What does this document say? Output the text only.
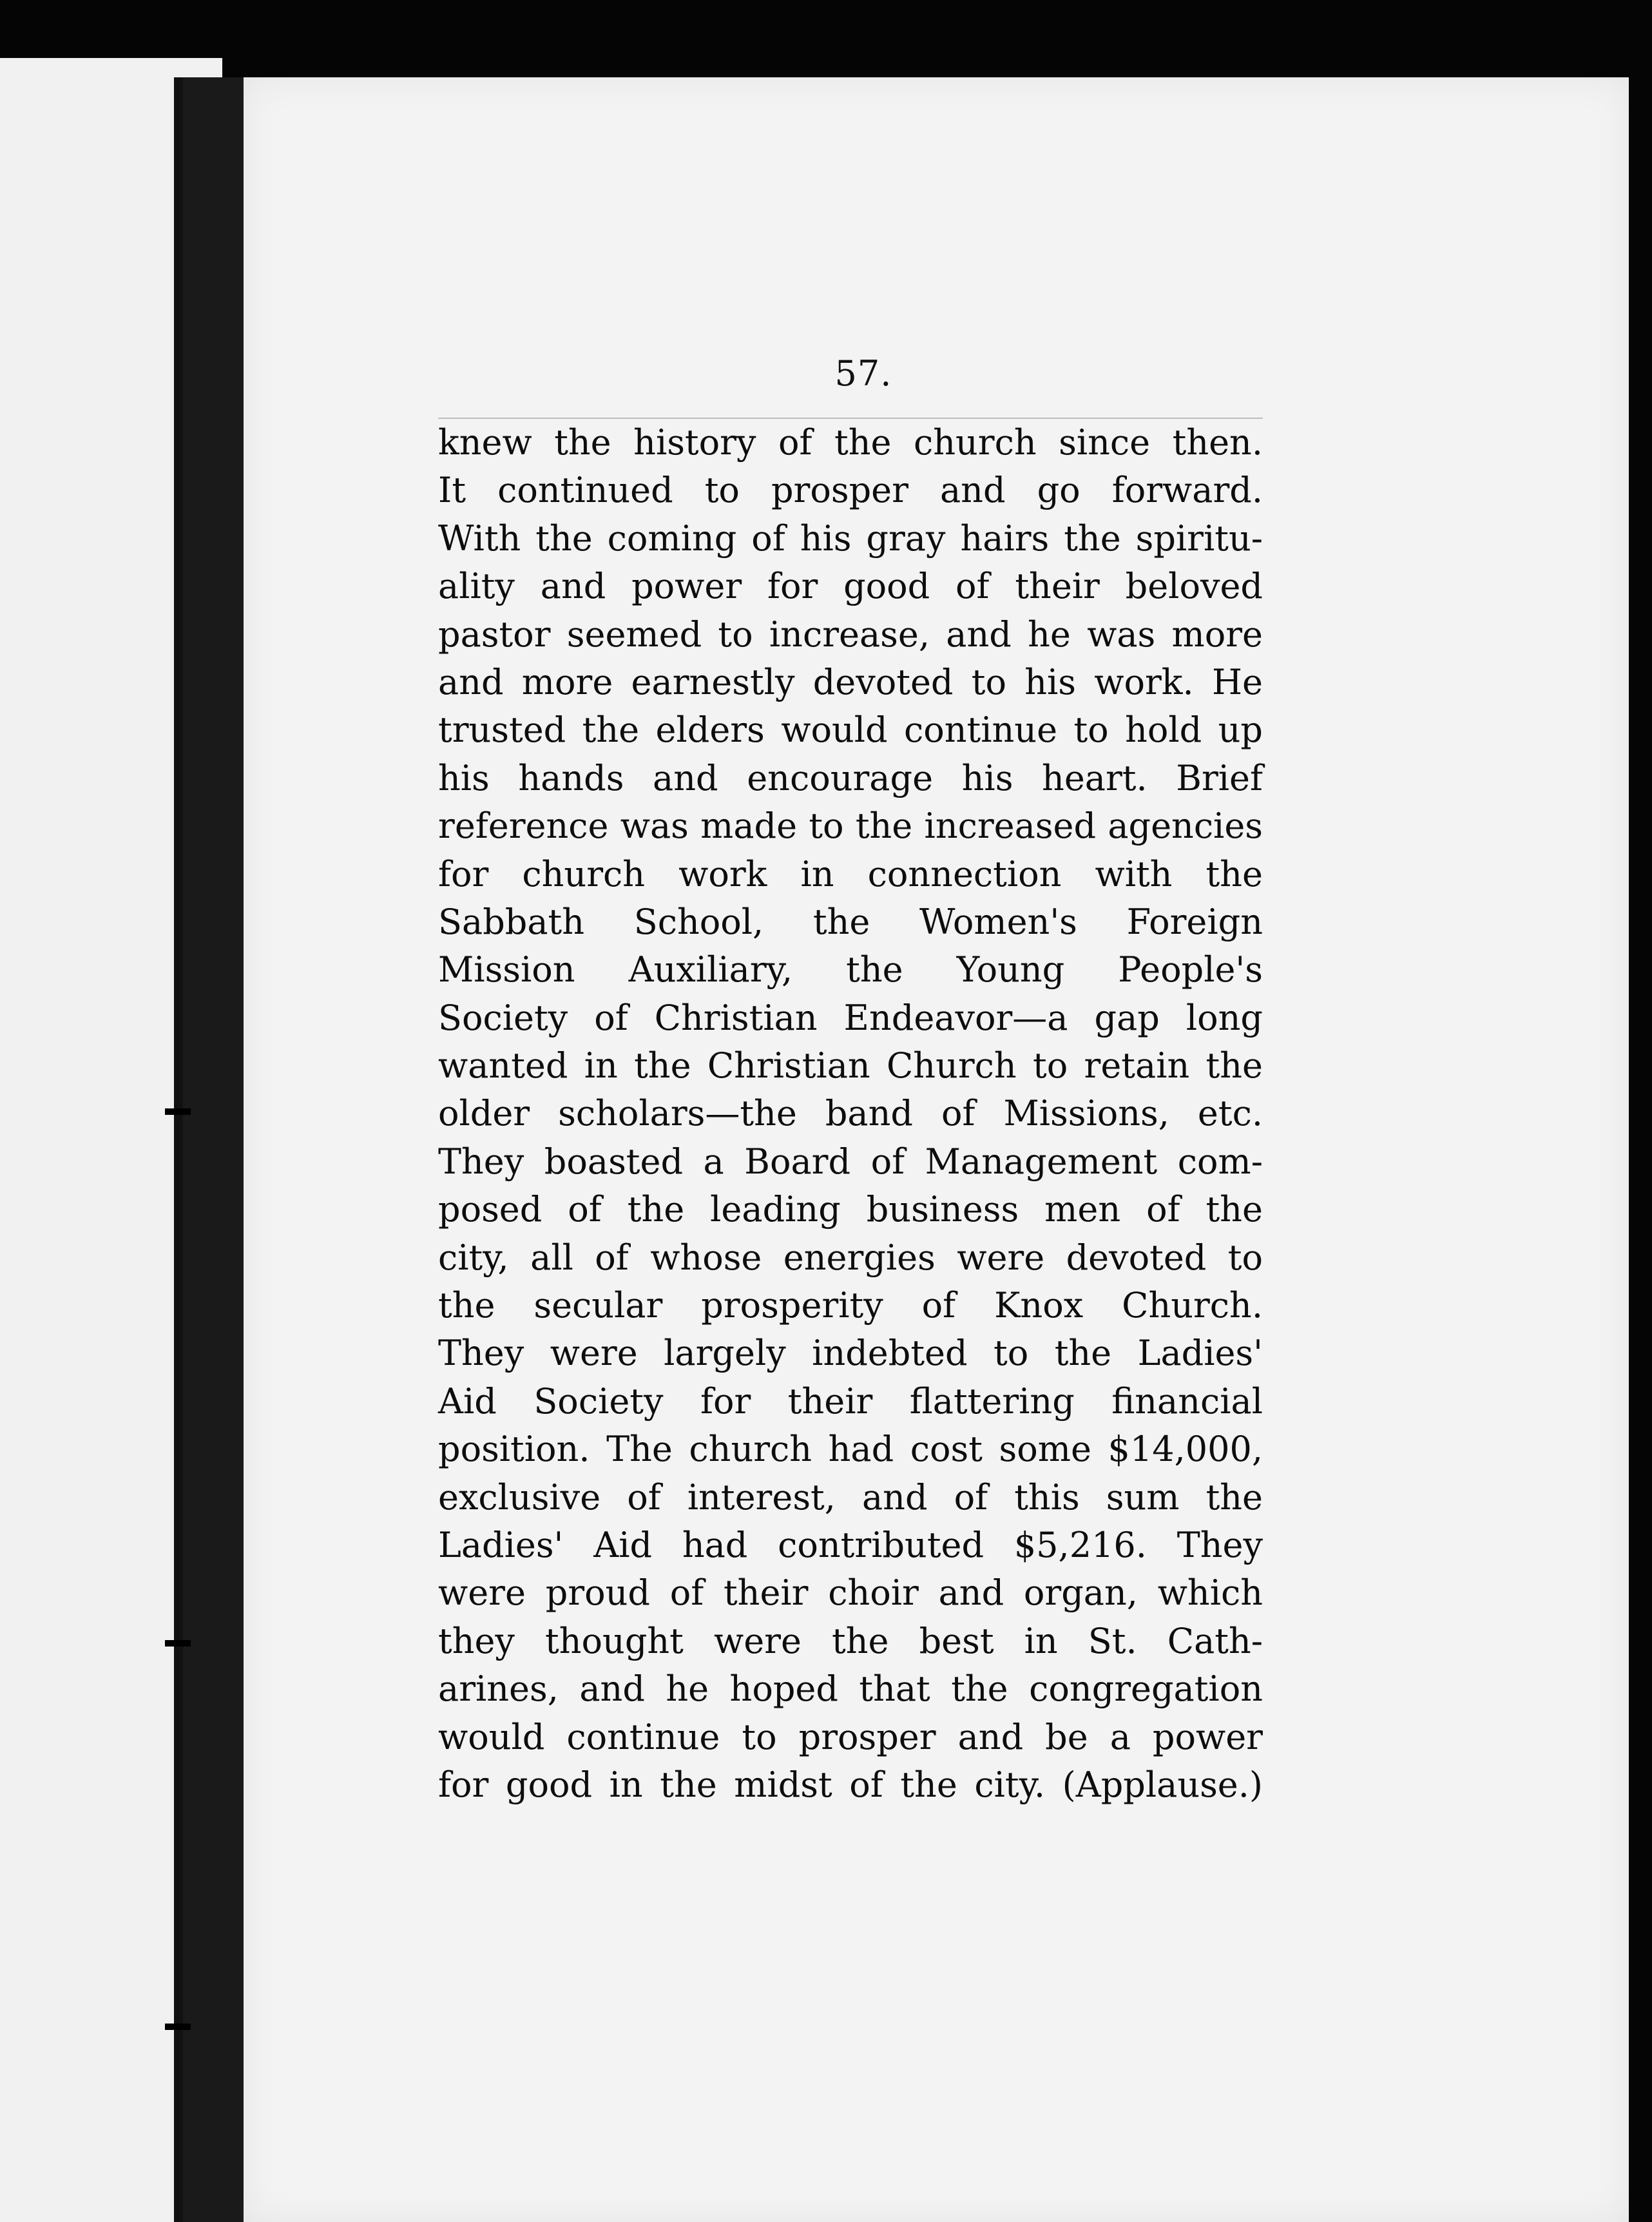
57.
knew the history of the church since then.
It continued to prosper and go forward.
With the coming of his gray hairs the spiritu-
ality and power for good of their beloved
pastor seemed to increase, and he was more
and more earnestly devoted to his work. He
trusted the elders would continue to hold up
his hands and encourage his heart. Brief
reference was made to the increased agencies
for church work in connection with the
Sabbath School, the Women's Foreign
Mission Auxiliary, the Young People's
Society of Christian Endeavor—a gap long
wanted in the Christian Church to retain the
older scholars—the band of Missions, etc.
They boasted a Board of Management com-
posed of the leading business men of the
city, all of whose energies were devoted to
the secular prosperity of Knox Church.
They were largely indebted to the Ladies'
Aid Society for their flattering financial
position. The church had cost some $14,000,
exclusive of interest, and of this sum the
Ladies' Aid had contributed $5,216. They
were proud of their choir and organ, which
they thought were the best in St. Cath-
arines, and he hoped that the congregation
would continue to prosper and be a power
for good in the midst of the city. (Applause.)
